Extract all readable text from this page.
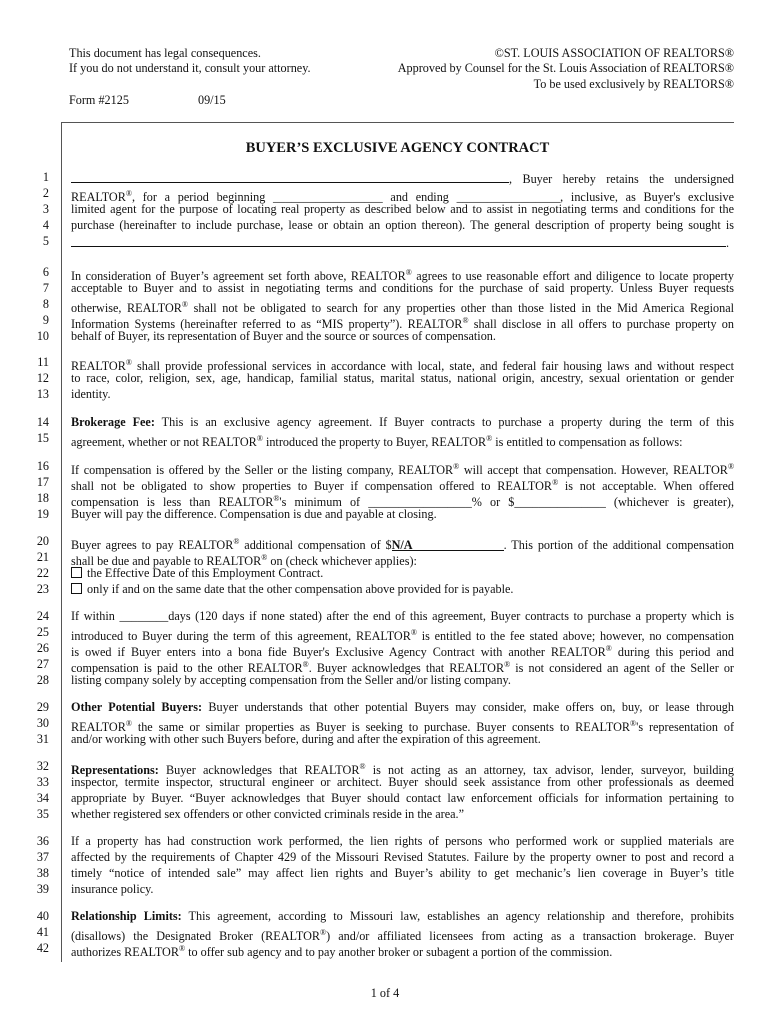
This document has legal consequences.
If you do not understand it, consult your attorney.
©ST. LOUIS ASSOCIATION OF REALTORS®
Approved by Counsel for the St. Louis Association of REALTORS®
To be used exclusively by REALTORS®
Form #2125	09/15
BUYER’S EXCLUSIVE AGENCY CONTRACT
1	, Buyer hereby retains the undersigned
2 REALTOR®, for a period beginning __________________ and ending _________________, inclusive, as Buyer's exclusive
3 limited agent for the purpose of locating real property as described below and to assist in negotiating terms and conditions for the
4 purchase (hereinafter to include purchase, lease or obtain an option thereon). The general description of property being sought is
5	.
6 In consideration of Buyer’s agreement set forth above, REALTOR® agrees to use reasonable effort and diligence to locate property
7 acceptable to Buyer and to assist in negotiating terms and conditions for the purchase of said property. Unless Buyer requests
8 otherwise, REALTOR® shall not be obligated to search for any properties other than those listed in the Mid America Regional
9 Information Systems (hereinafter referred to as “MIS property”). REALTOR® shall disclose in all offers to purchase property on
10 behalf of Buyer, its representation of Buyer and the source or sources of compensation.
11 REALTOR® shall provide professional services in accordance with local, state, and federal fair housing laws and without respect
12 to race, color, religion, sex, age, handicap, familial status, marital status, national origin, ancestry, sexual orientation or gender
13 identity.
14 Brokerage Fee: This is an exclusive agency agreement. If Buyer contracts to purchase a property during the term of this
15 agreement, whether or not REALTOR® introduced the property to Buyer, REALTOR® is entitled to compensation as follows:
16 If compensation is offered by the Seller or the listing company, REALTOR® will accept that compensation. However, REALTOR®
17 shall not be obligated to show properties to Buyer if compensation offered to REALTOR® is not acceptable. When offered
18 compensation is less than REALTOR®'s minimum of _________________% or $_______________ (whichever is greater),
19 Buyer will pay the difference. Compensation is due and payable at closing.
20 Buyer agrees to pay REALTOR® additional compensation of $N/A	. This portion of the additional compensation
21 shall be due and payable to REALTOR® on (check whichever applies):
22	the Effective Date of this Employment Contract.
23	only if and on the same date that the other compensation above provided for is payable.
24 If within ________days (120 days if none stated) after the end of this agreement, Buyer contracts to purchase a property which is
25 introduced to Buyer during the term of this agreement, REALTOR® is entitled to the fee stated above; however, no compensation
26 is owed if Buyer enters into a bona fide Buyer's Exclusive Agency Contract with another REALTOR® during this period and
27 compensation is paid to the other REALTOR®. Buyer acknowledges that REALTOR® is not considered an agent of the Seller or
28 listing company solely by accepting compensation from the Seller and/or listing company.
29 Other Potential Buyers: Buyer understands that other potential Buyers may consider, make offers on, buy, or lease through
30 REALTOR® the same or similar properties as Buyer is seeking to purchase. Buyer consents to REALTOR®'s representation of
31 and/or working with other such Buyers before, during and after the expiration of this agreement.
32 Representations: Buyer acknowledges that REALTOR® is not acting as an attorney, tax advisor, lender, surveyor, building
33 inspector, termite inspector, structural engineer or architect. Buyer should seek assistance from other professionals as deemed
34 appropriate by Buyer. “Buyer acknowledges that Buyer should contact law enforcement officials for information pertaining to
35 whether registered sex offenders or other convicted criminals reside in the area.”
36 If a property has had construction work performed, the lien rights of persons who performed work or supplied materials are
37 affected by the requirements of Chapter 429 of the Missouri Revised Statutes. Failure by the property owner to post and record a
38 timely “notice of intended sale” may affect lien rights and Buyer’s ability to get mechanic’s lien coverage in Buyer’s title
39 insurance policy.
40 Relationship Limits: This agreement, according to Missouri law, establishes an agency relationship and therefore, prohibits
41 (disallows) the Designated Broker (REALTOR®) and/or affiliated licensees from acting as a transaction brokerage. Buyer
42 authorizes REALTOR® to offer sub agency and to pay another broker or subagent a portion of the commission.
1 of 4
